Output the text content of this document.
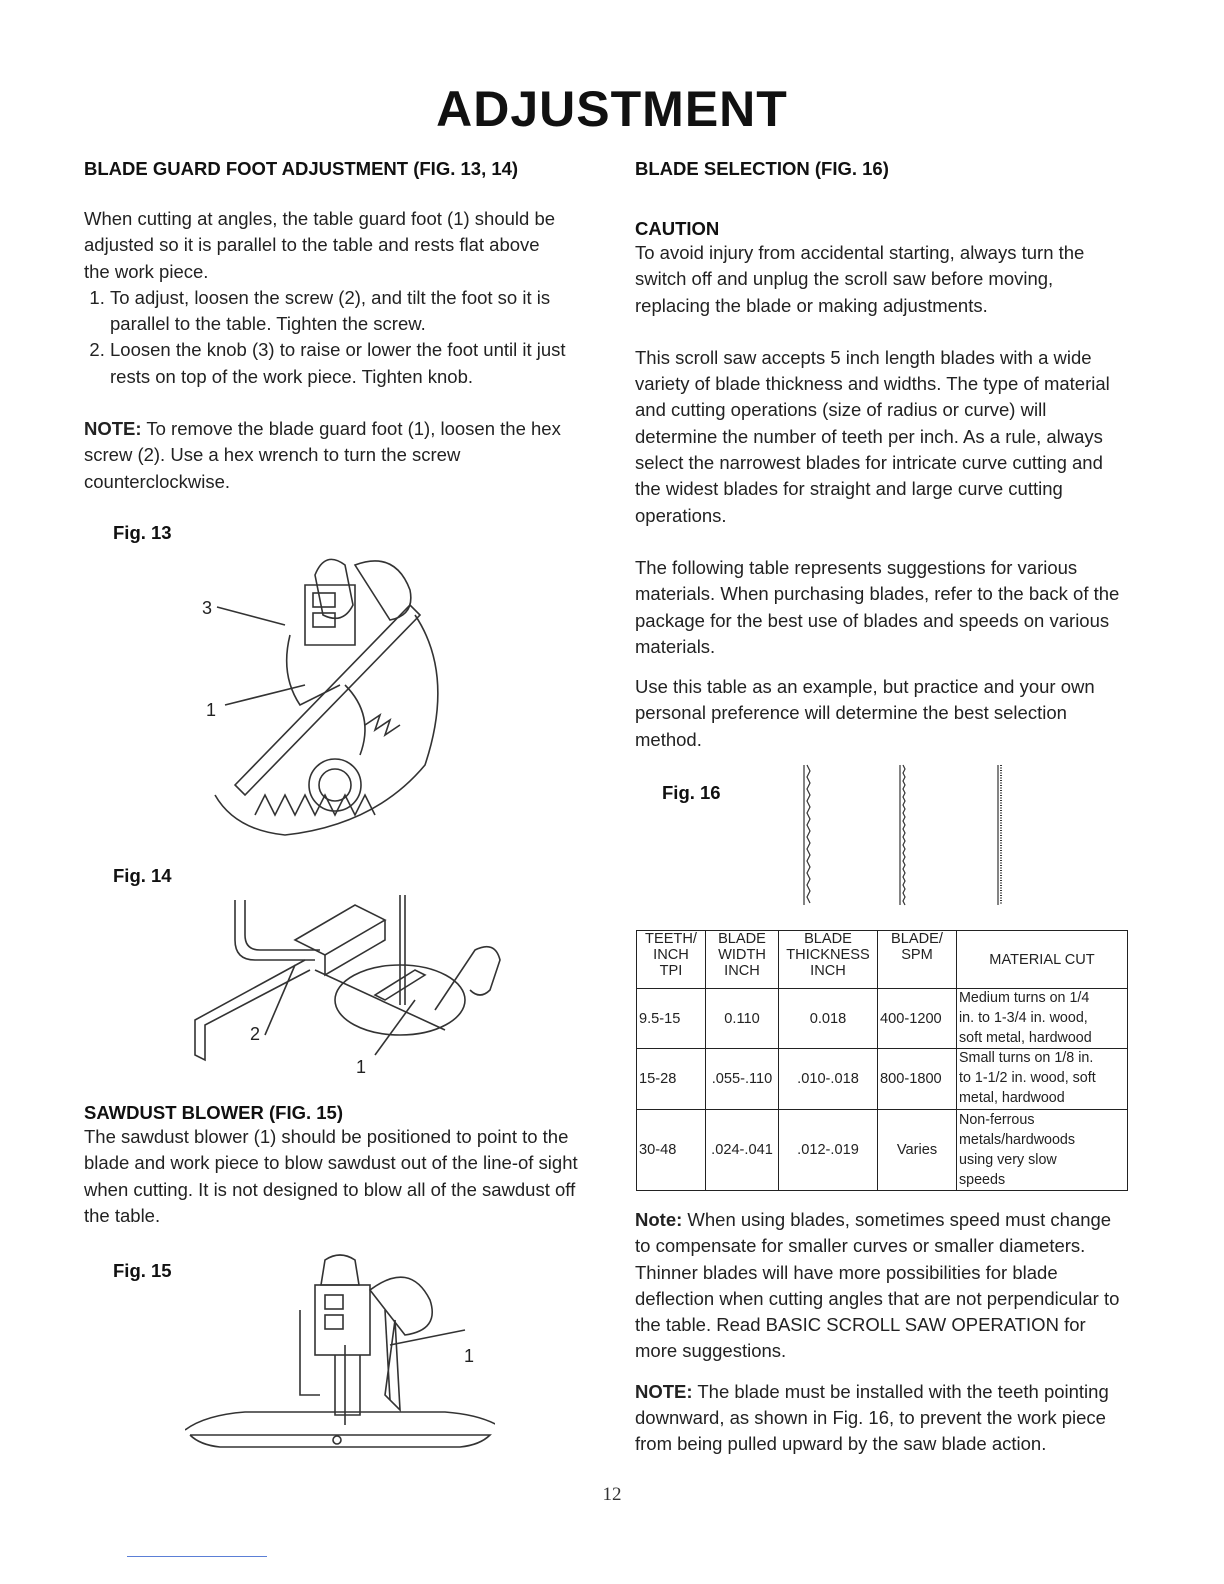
ADJUSTMENT
BLADE GUARD FOOT ADJUSTMENT (FIG. 13, 14)

When cutting at angles, the table guard foot (1) should be adjusted so it is parallel to the table and rests flat above the work piece.

1. To adjust, loosen the screw (2), and tilt the foot so it is parallel to the table. Tighten the screw.
2. Loosen the knob (3) to raise or lower the foot until it just rests on top of the work piece. Tighten knob.

NOTE: To remove the blade guard foot (1), loosen the hex screw (2). Use a hex wrench to turn the screw counterclockwise.

Fig. 13
3
1
Fig. 14
2
1
SAWDUST BLOWER (FIG. 15)

The sawdust blower (1) should be positioned to point to the blade and work piece to blow sawdust out of the line-of sight when cutting. It is not designed to blow all of the sawdust off the table.

Fig. 15
1
BLADE SELECTION (FIG. 16)
CAUTION

To avoid injury from accidental starting, always turn the switch off and unplug the scroll saw before moving, replacing the blade or making adjustments.

This scroll saw accepts 5 inch length blades with a wide variety of blade thickness and widths. The type of material and cutting operations (size of radius or curve) will determine the number of teeth per inch. As a rule, always select the narrowest blades for intricate curve cutting and the widest blades for straight and large curve cutting operations.

The following table represents suggestions for various materials. When purchasing blades, refer to the back of the package for the best use of blades and speeds on various materials.

Use this table as an example, but practice and your own personal preference will determine the best selection method.

Fig. 16
TEETH/
INCH
TPI	BLADE
WIDTH
INCH	BLADE
THICKNESS
INCH	BLADE/
SPM	MATERIAL CUT
9.5-15	0.110	0.018	400-1200	Medium turns on 1/4
in. to 1-3/4 in. wood,
soft metal, hardwood

15-28	.055-.110	.010-.018	800-1800	Small turns on 1/8 in.
to 1-1/2 in. wood, soft
metal, hardwood

30-48	.024-.041	.012-.019	Varies	Non-ferrous
metals/hardwoods
using very slow
speeds

Note: When using blades, sometimes speed must change to compensate for smaller curves or smaller diameters. Thinner blades will have more possibilities for blade deflection when cutting angles that are not perpendicular to the table. Read BASIC SCROLL SAW OPERATION for more suggestions.

NOTE: The blade must be installed with the teeth pointing downward, as shown in Fig. 16, to prevent the work piece from being pulled upward by the saw blade action.

12
